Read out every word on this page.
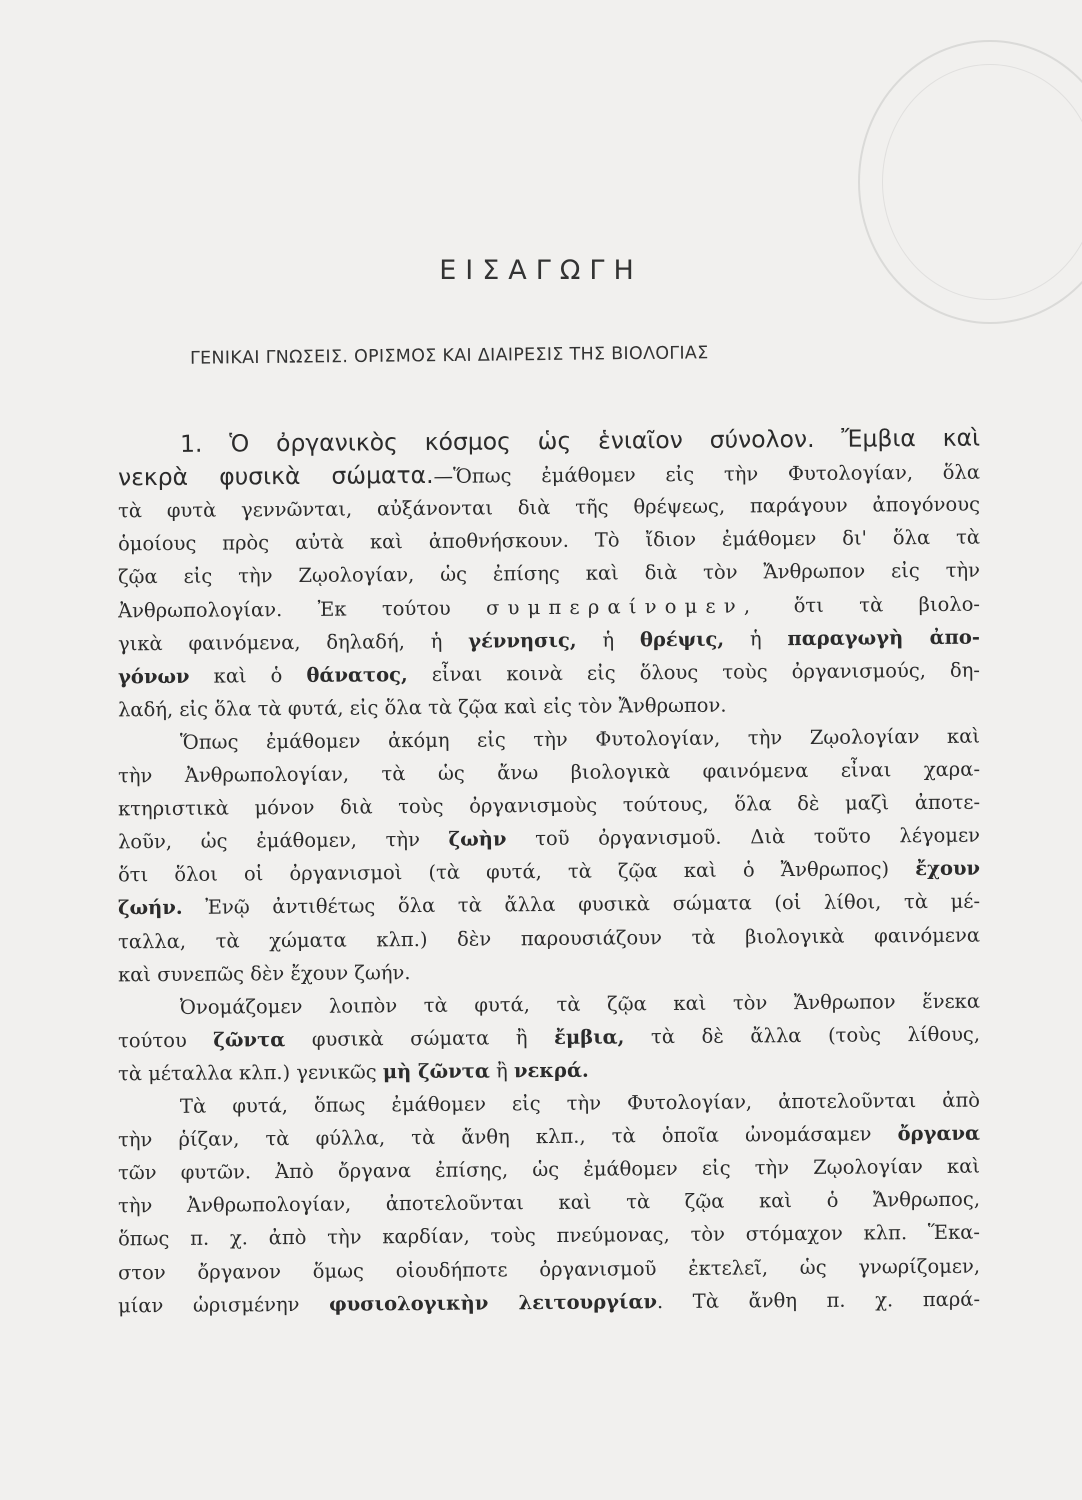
ΕΙΣΑΓΩΓΗ
ΓΕΝΙΚΑΙ ΓΝΩΣΕΙΣ. ΟΡΙΣΜΟΣ ΚΑΙ ΔΙΑΙΡΕΣΙΣ ΤΗΣ ΒΙΟΛΟΓΙΑΣ
1. Ὁ ὀργανικὸς κόσμος ὡς ἑνιαῖον σύνολον. Ἔμβια καὶ
νεκρὰ φυσικὰ σώματα.—Ὅπως ἐμάθομεν εἰς τὴν Φυτολογίαν, ὅλα
τὰ φυτὰ γεννῶνται, αὐξάνονται διὰ τῆς θρέψεως, παράγουν ἀπογόνους
ὁμοίους πρὸς αὐτὰ καὶ ἀποθνήσκουν. Τὸ ἴδιον ἐμάθομεν δι' ὅλα τὰ
ζῷα εἰς τὴν Ζῳολογίαν, ὡς ἐπίσης καὶ διὰ τὸν Ἄνθρωπον εἰς τὴν
Ἀνθρωπολογίαν. Ἐκ τούτου συμπεραίνομεν, ὅτι τὰ βιολο-
γικὰ φαινόμενα, δηλαδή, ἡ γέννησις, ἡ θρέψις, ἡ παραγωγὴ ἀπο-
γόνων καὶ ὁ θάνατος, εἶναι κοινὰ εἰς ὅλους τοὺς ὀργανισμούς, δη-
λαδή, εἰς ὅλα τὰ φυτά, εἰς ὅλα τὰ ζῷα καὶ εἰς τὸν Ἄνθρωπον.
Ὅπως ἐμάθομεν ἀκόμη εἰς τὴν Φυτολογίαν, τὴν Ζῳολογίαν καὶ
τὴν Ἀνθρωπολογίαν, τὰ ὡς ἄνω βιολογικὰ φαινόμενα εἶναι χαρα-
κτηριστικὰ μόνον διὰ τοὺς ὀργανισμοὺς τούτους, ὅλα δὲ μαζὶ ἀποτε-
λοῦν, ὡς ἐμάθομεν, τὴν ζωὴν τοῦ ὀργανισμοῦ. Διὰ τοῦτο λέγομεν
ὅτι ὅλοι οἱ ὀργανισμοὶ (τὰ φυτά, τὰ ζῷα καὶ ὁ Ἄνθρωπος) ἔχουν
ζωήν. Ἐνῷ ἀντιθέτως ὅλα τὰ ἄλλα φυσικὰ σώματα (οἱ λίθοι, τὰ μέ-
ταλλα, τὰ χώματα κλπ.) δὲν παρουσιάζουν τὰ βιολογικὰ φαινόμενα
καὶ συνεπῶς δὲν ἔχουν ζωήν.
Ὀνομάζομεν λοιπὸν τὰ φυτά, τὰ ζῷα καὶ τὸν Ἄνθρωπον ἕνεκα
τούτου ζῶντα φυσικὰ σώματα ἢ ἔμβια, τὰ δὲ ἄλλα (τοὺς λίθους,
τὰ μέταλλα κλπ.) γενικῶς μὴ ζῶντα ἢ νεκρά.
Τὰ φυτά, ὅπως ἐμάθομεν εἰς τὴν Φυτολογίαν, ἀποτελοῦνται ἀπὸ
τὴν ῥίζαν, τὰ φύλλα, τὰ ἄνθη κλπ., τὰ ὁποῖα ὠνομάσαμεν ὄργανα
τῶν φυτῶν. Ἀπὸ ὄργανα ἐπίσης, ὡς ἐμάθομεν εἰς τὴν Ζῳολογίαν καὶ
τὴν Ἀνθρωπολογίαν, ἀποτελοῦνται καὶ τὰ ζῷα καὶ ὁ Ἄνθρωπος,
ὅπως π. χ. ἀπὸ τὴν καρδίαν, τοὺς πνεύμονας, τὸν στόμαχον κλπ. Ἕκα-
στον ὄργανον ὅμως οἱουδήποτε ὀργανισμοῦ ἐκτελεῖ, ὡς γνωρίζομεν,
μίαν ὡρισμένην φυσιολογικὴν λειτουργίαν. Τὰ ἄνθη π. χ. παρά-
